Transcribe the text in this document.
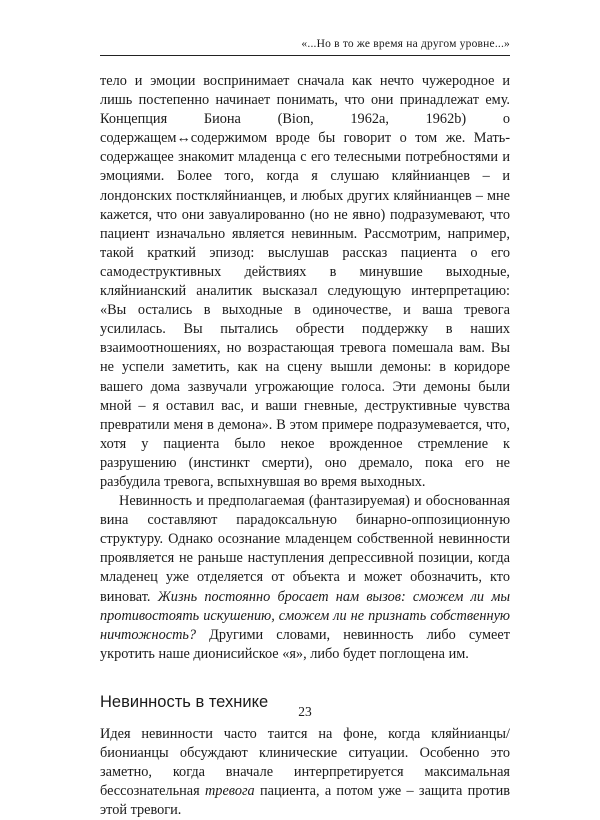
«...Но в то же время на другом уровне...»

тело и эмоции воспринимает сначала как нечто чужеродное и лишь постепенно начинает понимать, что они принадлежат ему. Концепция Биона (Bion, 1962a, 1962b) о содержащем↔содержимом вроде бы говорит о том же. Мать-содержащее знакомит младенца с его телесными потребностями и эмоциями. Более того, когда я слушаю кляйнианцев – и лондонских посткляйнианцев, и любых других кляйнианцев – мне кажется, что они завуалированно (но не явно) подразумевают, что пациент изначально является невинным. Рассмотрим, например, такой краткий эпизод: выслушав рассказ пациента о его самодеструктивных действиях в минувшие выходные, кляйнианский аналитик высказал следующую интерпретацию: «Вы остались в выходные в одиночестве, и ваша тревога усилилась. Вы пытались обрести поддержку в наших взаимоотношениях, но возрастающая тревога помешала вам. Вы не успели заметить, как на сцену вышли демоны: в коридоре вашего дома зазвучали угрожающие голоса. Эти демоны были мной – я оставил вас, и ваши гневные, деструктивные чувства превратили меня в демона». В этом примере подразумевается, что, хотя у пациента было некое врожденное стремление к разрушению (инстинкт смерти), оно дремало, пока его не разбудила тревога, вспыхнувшая во время выходных.

Невинность и предполагаемая (фантазируемая) и обоснованная вина составляют парадоксальную бинарно-оппозиционную структуру. Однако осознание младенцем собственной невинности проявляется не раньше наступления депрессивной позиции, когда младенец уже отделяется от объекта и может обозначить, кто виноват. Жизнь постоянно бросает нам вызов: сможем ли мы противостоять искушению, сможем ли не признать собственную ничтожность? Другими словами, невинность либо сумеет укротить наше дионисийское «я», либо будет поглощена им.

Невинность в технике

Идея невинности часто таится на фоне, когда кляйнианцы/бионианцы обсуждают клинические ситуации. Особенно это заметно, когда вначале интерпретируется максимальная бессознательная тревога пациента, а потом уже – защита против этой тревоги.

23
